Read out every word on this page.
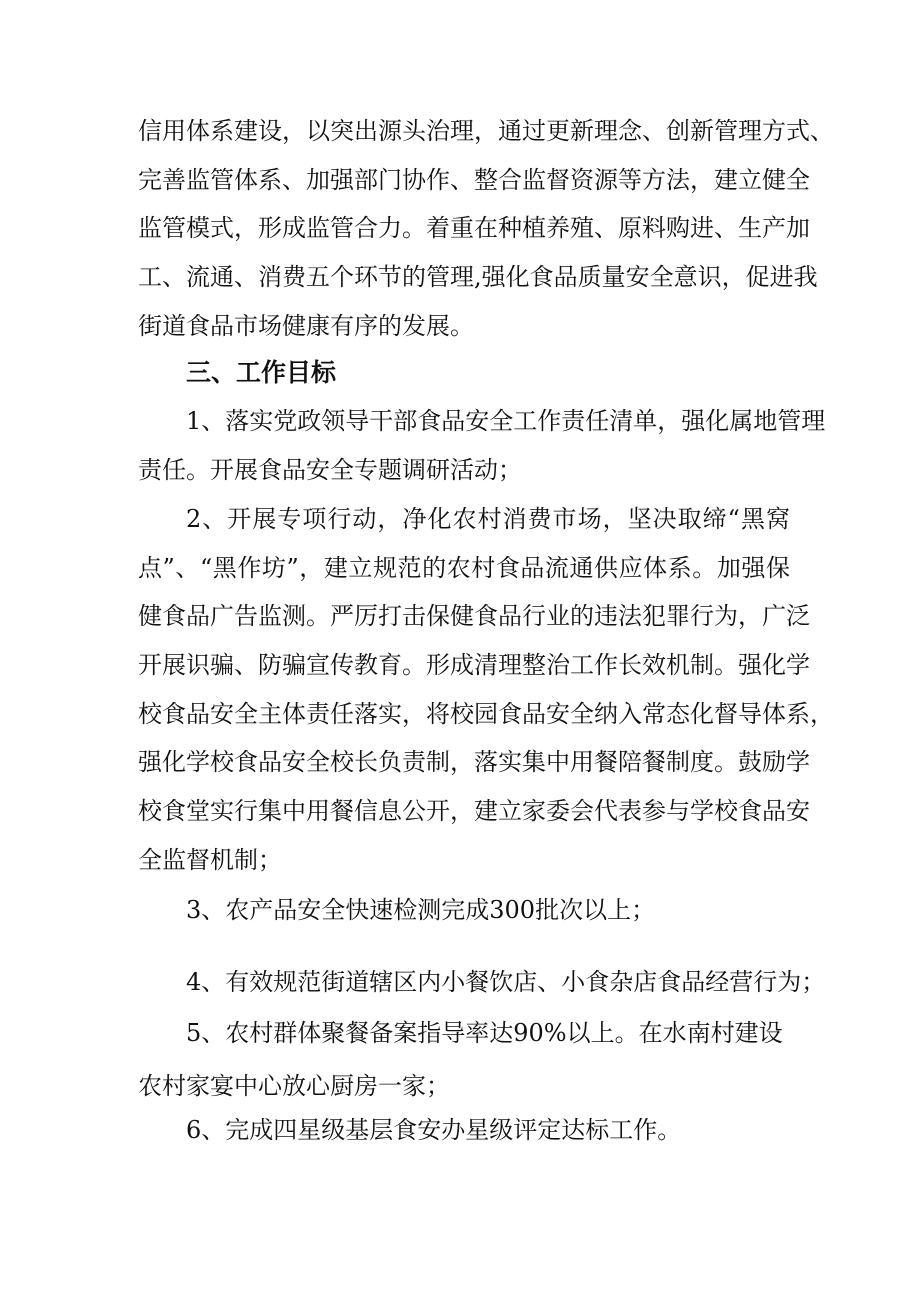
信用体系建设，以突出源头治理，通过更新理念、创新管理方式、
完善监管体系、加强部门协作、整合监督资源等方法，建立健全
监管模式，形成监管合力。着重在种植养殖、原料购进、生产加
工、流通、消费五个环节的管理,强化食品质量安全意识，促进我
街道食品市场健康有序的发展。
三、工作目标
1、落实党政领导干部食品安全工作责任清单，强化属地管理
责任。开展食品安全专题调研活动；
2、开展专项行动，净化农村消费市场，坚决取缔“黑窝
点”、“黑作坊”，建立规范的农村食品流通供应体系。加强保
健食品广告监测。严厉打击保健食品行业的违法犯罪行为，广泛
开展识骗、防骗宣传教育。形成清理整治工作长效机制。强化学
校食品安全主体责任落实，将校园食品安全纳入常态化督导体系，
强化学校食品安全校长负责制，落实集中用餐陪餐制度。鼓励学
校食堂实行集中用餐信息公开，建立家委会代表参与学校食品安
全监督机制；
3、农产品安全快速检测完成300批次以上；
4、有效规范街道辖区内小餐饮店、小食杂店食品经营行为；
5、农村群体聚餐备案指导率达90%以上。在水南村建设
农村家宴中心放心厨房一家；
6、完成四星级基层食安办星级评定达标工作。
